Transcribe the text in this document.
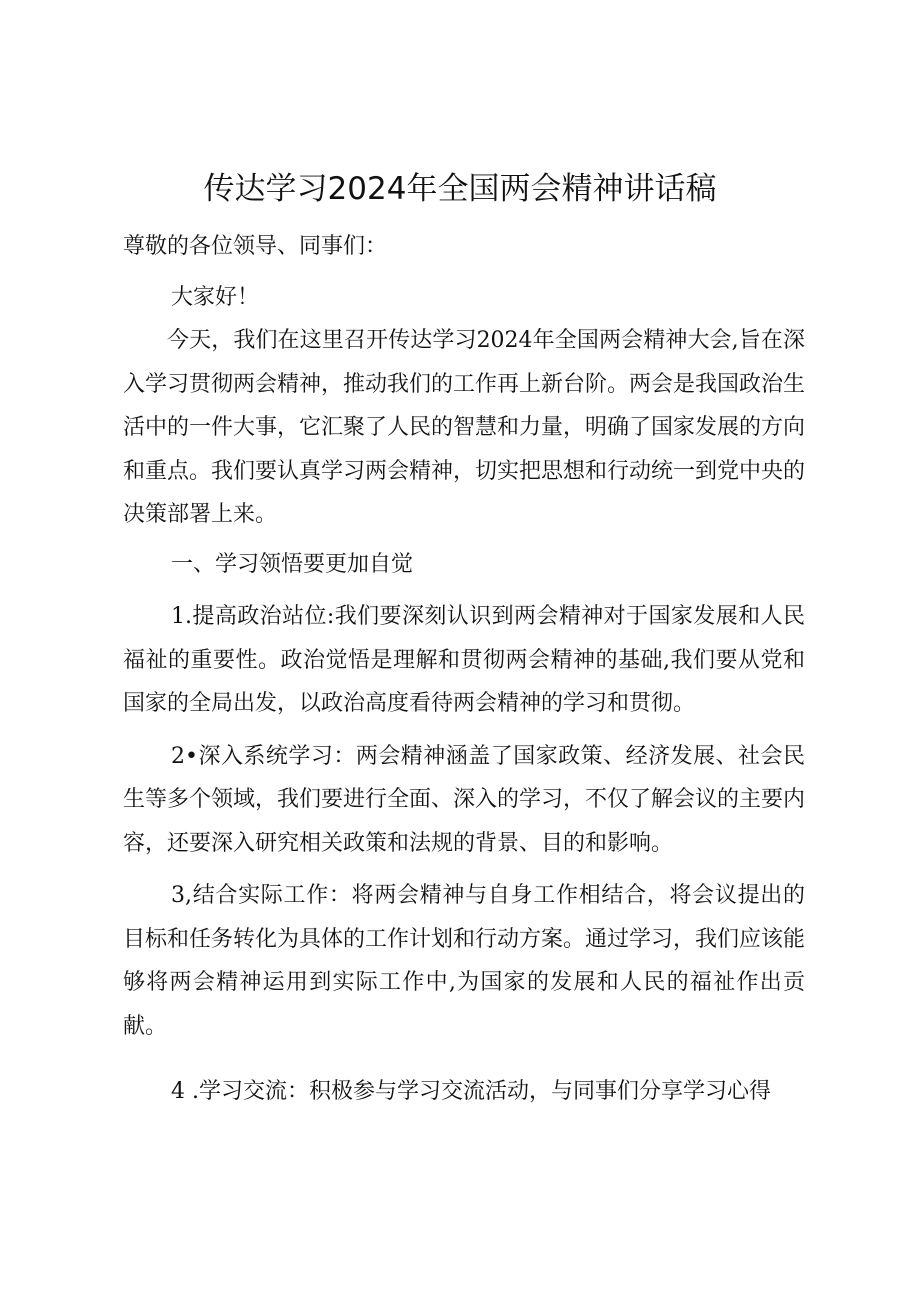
传达学习2024年全国两会精神讲话稿

尊敬的各位领导、同事们：

大家好！

今天，我们在这里召开传达学习2024年全国两会精神大会,旨在深入学习贯彻两会精神，推动我们的工作再上新台阶。两会是我国政治生活中的一件大事，它汇聚了人民的智慧和力量，明确了国家发展的方向和重点。我们要认真学习两会精神，切实把思想和行动统一到党中央的决策部署上来。

一、学习领悟要更加自觉

1.提高政治站位:我们要深刻认识到两会精神对于国家发展和人民福祉的重要性。政治觉悟是理解和贯彻两会精神的基础,我们要从党和国家的全局出发，以政治高度看待两会精神的学习和贯彻。

2•深入系统学习：两会精神涵盖了国家政策、经济发展、社会民生等多个领域，我们要进行全面、深入的学习，不仅了解会议的主要内容，还要深入研究相关政策和法规的背景、目的和影响。

3,结合实际工作：将两会精神与自身工作相结合，将会议提出的目标和任务转化为具体的工作计划和行动方案。通过学习，我们应该能够将两会精神运用到实际工作中,为国家的发展和人民的福祉作出贡献。

4 .学习交流：积极参与学习交流活动，与同事们分享学习心得
